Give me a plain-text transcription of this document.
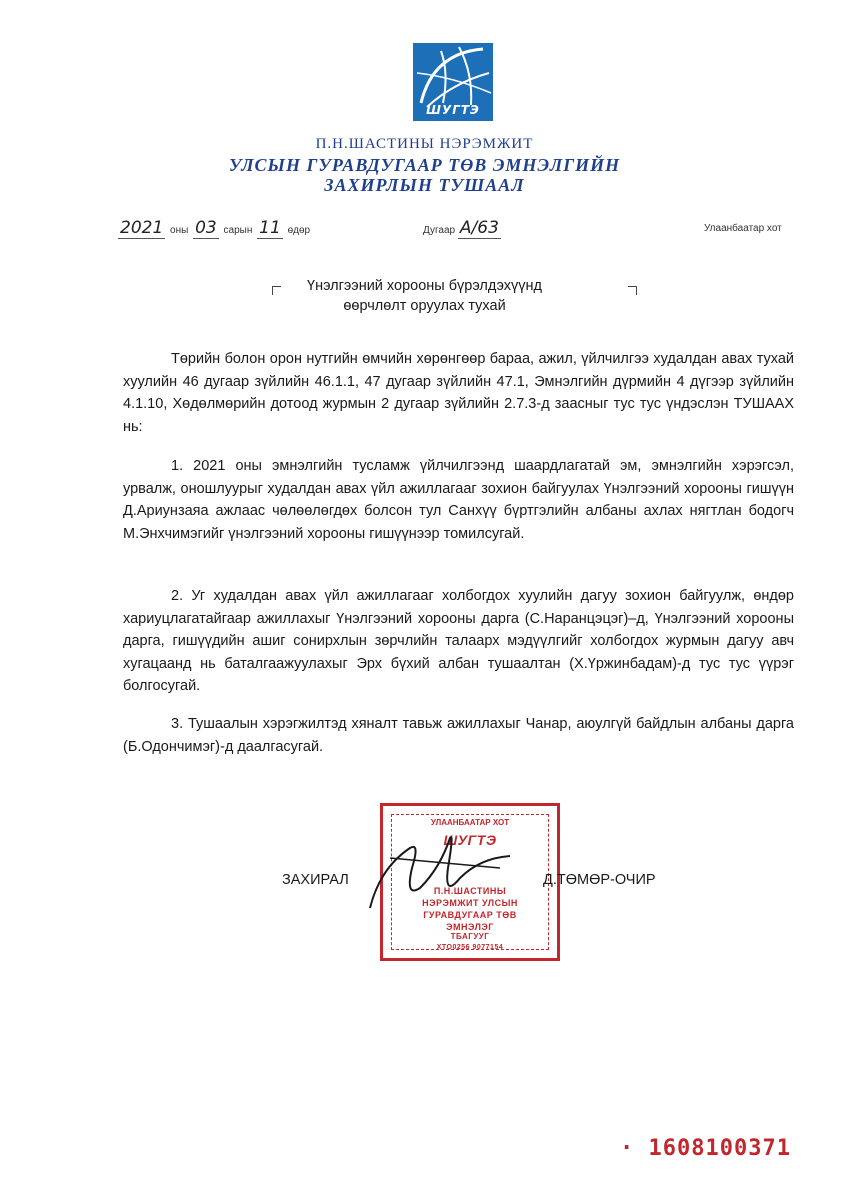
ШУГТЭ
П.Н.ШАСТИНЫ НЭРЭМЖИТ
УЛСЫН ГУРАВДУГААР ТӨВ ЭМНЭЛГИЙН
ЗАХИРЛЫН ТУШААЛ
2021 оны 03 сарын 11 өдөр	Дугаар А/63	Улаанбаатар хот
Үнэлгээний хорооны бүрэлдэхүүнд
өөрчлөлт оруулах тухай

Төрийн болон орон нутгийн өмчийн хөрөнгөөр бараа, ажил, үйлчилгээ худалдан авах тухай хуулийн 46 дугаар зүйлийн 46.1.1, 47 дугаар зүйлийн 47.1, Эмнэлгийн дүрмийн 4 дүгээр зүйлийн 4.1.10, Хөдөлмөрийн дотоод журмын 2 дугаар зүйлийн 2.7.3-д заасныг тус тус үндэслэн ТУШААХ нь:

1. 2021 оны эмнэлгийн тусламж үйлчилгээнд шаардлагатай эм, эмнэлгийн хэрэгсэл, урвалж, оношлуурыг худалдан авах үйл ажиллагааг зохион байгуулах Үнэлгээний хорооны гишүүн Д.Ариунзаяа ажлаас чөлөөлөгдөх болсон тул Санхүү бүртгэлийн албаны ахлах нягтлан бодогч М.Энхчимэгийг үнэлгээний хорооны гишүүнээр томилсугай.

2. Уг худалдан авах үйл ажиллагааг холбогдох хуулийн дагуу зохион байгуулж, өндөр хариуцлагатайгаар ажиллахыг Үнэлгээний хорооны дарга (С.Наранцэцэг)–д, Үнэлгээний хорооны дарга, гишүүдийн ашиг сонирхлын зөрчлийн талаарх мэдүүлгийг холбогдох журмын дагуу авч хугацаанд нь баталгаажуулахыг Эрх бүхий албан тушаалтан (Х.Үржинбадам)-д тус тус үүрэг болгосугай.

3. Тушаалын хэрэгжилтэд хяналт тавьж ажиллахыг Чанар, аюулгүй байдлын албаны дарга (Б.Одончимэг)-д даалгасугай.

УЛААНБААТАР ХОТ
ШУГТЭ
П.Н.ШАСТИНЫ
НЭРЭМЖИТ УЛСЫН
ГУРАВДУГААР ТӨВ
ЭМНЭЛЭГ
ТБАГУУГ
ХТО0256 9077154
ЗАХИРАЛ	Д.ТӨМӨР-ОЧИР
· 1608100371
